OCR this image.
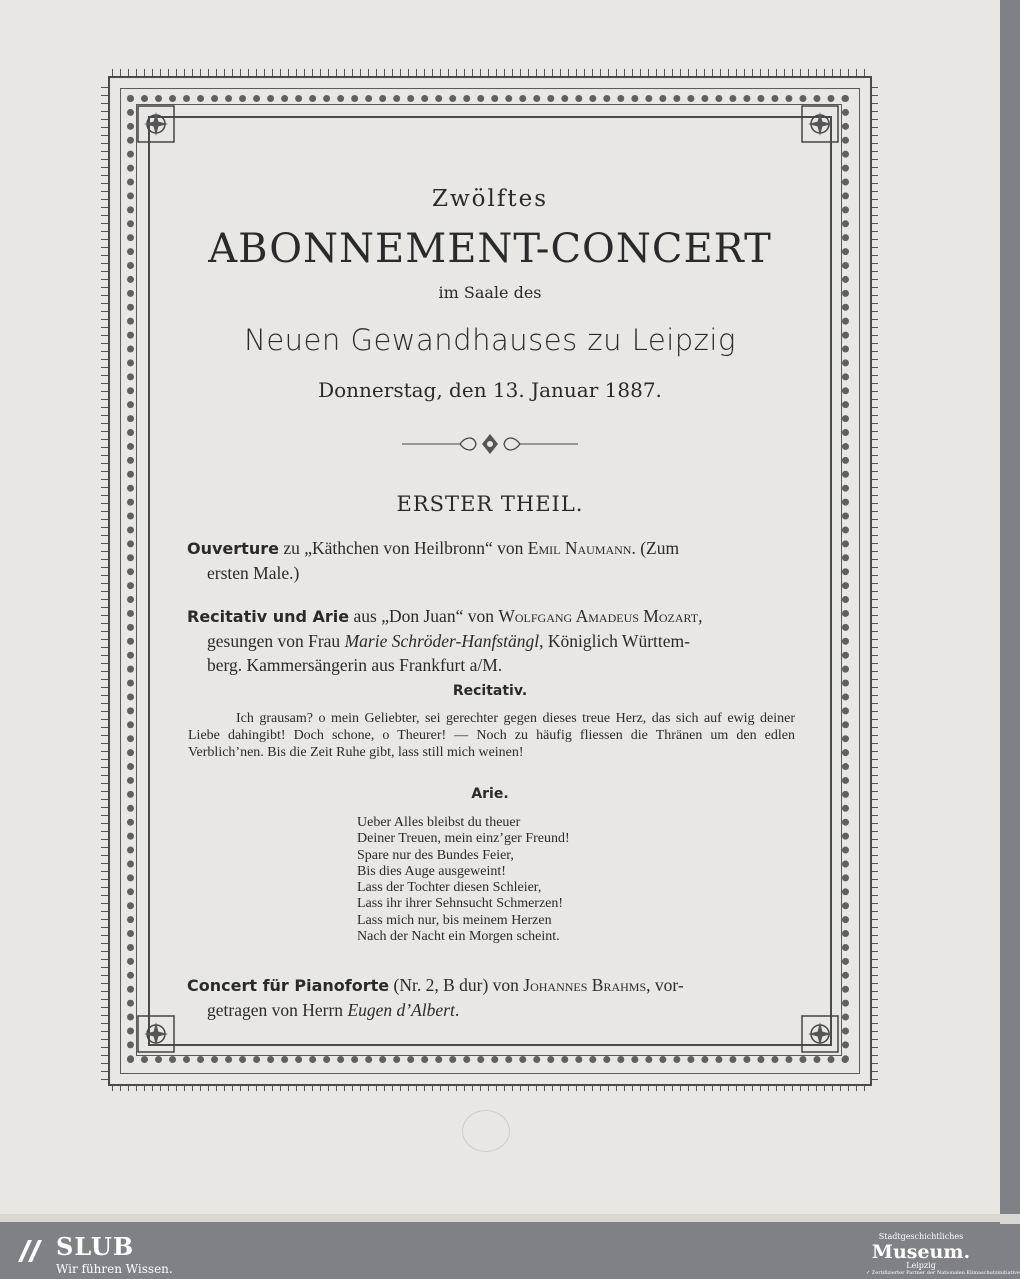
Zwölftes
ABONNEMENT-CONCERT
im Saale des
Neuen Gewandhauses zu Leipzig
Donnerstag, den 13. Januar 1887.
ERSTER THEIL.
Ouverture zu „Käthchen von Heilbronn“ von Emil Naumann. (Zum
ersten Male.)
Recitativ und Arie aus „Don Juan“ von Wolfgang Amadeus Mozart,
gesungen von Frau Marie Schröder-Hanfstängl, Königlich Württem-
berg. Kammersängerin aus Frankfurt a/M.
Recitativ.
Ich grausam? o mein Geliebter, sei gerechter gegen dieses treue Herz, das sich auf ewig deiner Liebe dahingibt! Doch schone, o Theurer! — Noch zu häufig fliessen die Thränen um den edlen Verblich’nen. Bis die Zeit Ruhe gibt, lass still mich weinen!
Arie.
Ueber Alles bleibst du theuer
Deiner Treuen, mein einz’ger Freund!
Spare nur des Bundes Feier,
Bis dies Auge ausgeweint!
Lass der Tochter diesen Schleier,
Lass ihr ihrer Sehnsucht Schmerzen!
Lass mich nur, bis meinem Herzen
Nach der Nacht ein Morgen scheint.
Concert für Pianoforte (Nr. 2, B dur) von Johannes Brahms, vor-
getragen von Herrn Eugen d’Albert.
SLUB
Wir führen Wissen.
Stadtgeschichtliches
Museum.
Leipzig
✓ Zertifizierter Partner der Nationalen Klimaschutzinitiative
